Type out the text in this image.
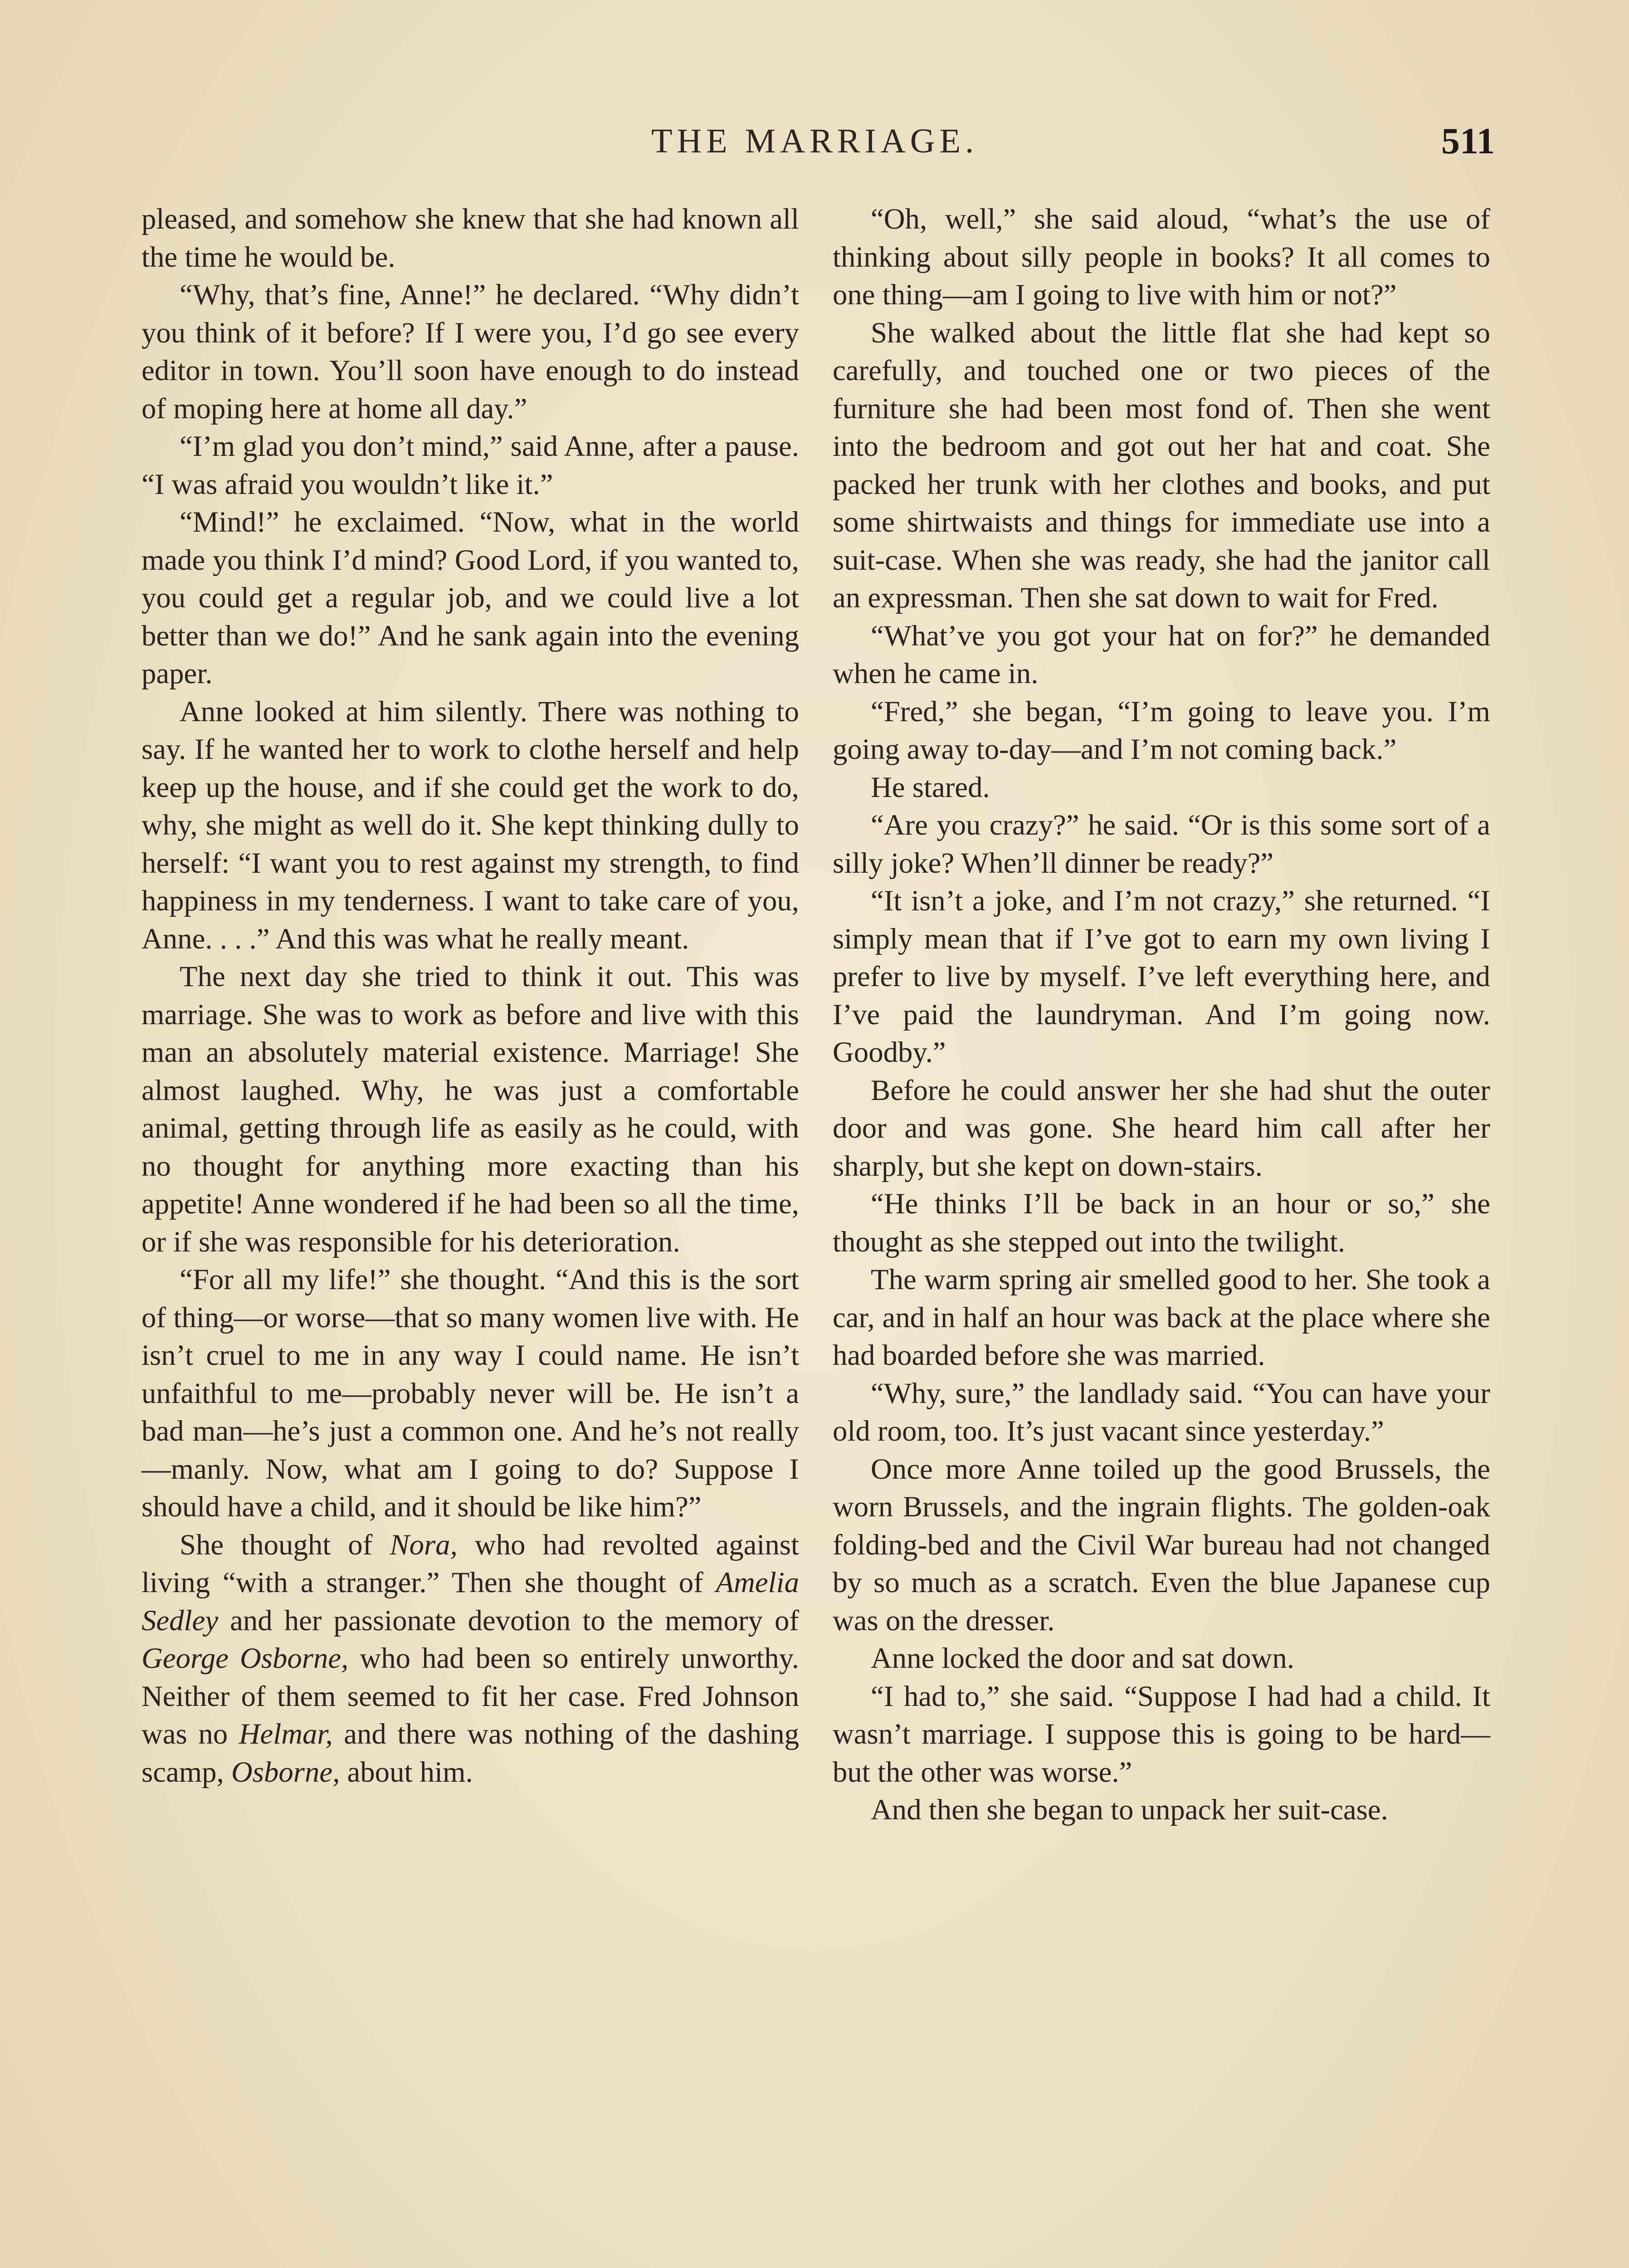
THE MARRIAGE.	511

pleased, and somehow she knew that she had known all the time he would be.

“Why, that’s fine, Anne!” he declared. “Why didn’t you think of it before? If I were you, I’d go see every editor in town. You’ll soon have enough to do instead of moping here at home all day.”

“I’m glad you don’t mind,” said Anne, after a pause. “I was afraid you wouldn’t like it.”

“Mind!” he exclaimed. “Now, what in the world made you think I’d mind? Good Lord, if you wanted to, you could get a regular job, and we could live a lot better than we do!” And he sank again into the evening paper.

Anne looked at him silently. There was nothing to say. If he wanted her to work to clothe herself and help keep up the house, and if she could get the work to do, why, she might as well do it. She kept thinking dully to herself: “I want you to rest against my strength, to find happiness in my tenderness. I want to take care of you, Anne. . . .” And this was what he really meant.

The next day she tried to think it out. This was marriage. She was to work as before and live with this man an absolutely material existence. Marriage! She almost laughed. Why, he was just a comfortable animal, getting through life as easily as he could, with no thought for anything more exacting than his appetite! Anne wondered if he had been so all the time, or if she was responsible for his deterioration.

“For all my life!” she thought. “And this is the sort of thing—or worse—that so many women live with. He isn’t cruel to me in any way I could name. He isn’t unfaithful to me—probably never will be. He isn’t a bad man—he’s just a common one. And he’s not really—manly. Now, what am I going to do? Suppose I should have a child, and it should be like him?”

She thought of Nora, who had revolted against living “with a stranger.” Then she thought of Amelia Sedley and her passionate devotion to the memory of George Osborne, who had been so entirely unworthy. Neither of them seemed to fit her case. Fred Johnson was no Helmar, and there was nothing of the dashing scamp, Osborne, about him.

“Oh, well,” she said aloud, “what’s the use of thinking about silly people in books? It all comes to one thing—am I going to live with him or not?”

She walked about the little flat she had kept so carefully, and touched one or two pieces of the furniture she had been most fond of. Then she went into the bedroom and got out her hat and coat. She packed her trunk with her clothes and books, and put some shirtwaists and things for immediate use into a suit-case. When she was ready, she had the janitor call an expressman. Then she sat down to wait for Fred.

“What’ve you got your hat on for?” he demanded when he came in.

“Fred,” she began, “I’m going to leave you. I’m going away to-day—and I’m not coming back.”

He stared.

“Are you crazy?” he said. “Or is this some sort of a silly joke? When’ll dinner be ready?”

“It isn’t a joke, and I’m not crazy,” she returned. “I simply mean that if I’ve got to earn my own living I prefer to live by myself. I’ve left everything here, and I’ve paid the laundryman. And I’m going now. Goodby.”

Before he could answer her she had shut the outer door and was gone. She heard him call after her sharply, but she kept on down-stairs.

“He thinks I’ll be back in an hour or so,” she thought as she stepped out into the twilight.

The warm spring air smelled good to her. She took a car, and in half an hour was back at the place where she had boarded before she was married.

“Why, sure,” the landlady said. “You can have your old room, too. It’s just vacant since yesterday.”

Once more Anne toiled up the good Brussels, the worn Brussels, and the ingrain flights. The golden-oak folding-bed and the Civil War bureau had not changed by so much as a scratch. Even the blue Japanese cup was on the dresser.

Anne locked the door and sat down.

“I had to,” she said. “Suppose I had had a child. It wasn’t marriage. I suppose this is going to be hard—but the other was worse.”

And then she began to unpack her suit-case.
